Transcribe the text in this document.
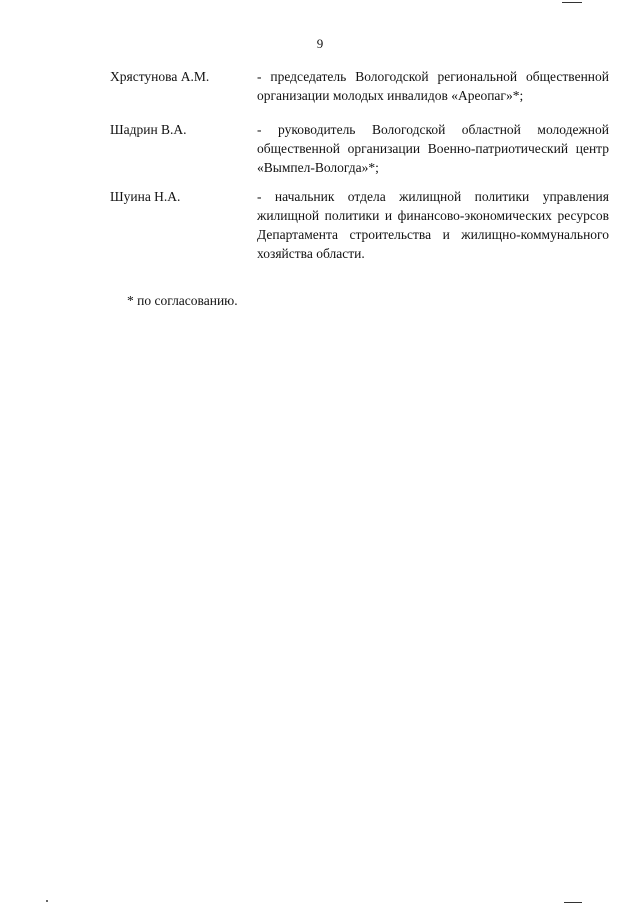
9
Хрястунова А.М.	- председатель Вологодской региональной общественной организации молодых инвалидов «Ареопаг»*;
Шадрин В.А.	- руководитель Вологодской областной молодежной общественной организации Военно-патриотический центр «Вымпел-Вологда»*;
Шуина Н.А.	- начальник отдела жилищной политики управления жилищной политики и финансово-экономических ресурсов Департамента строительства и жилищно-коммунального хозяйства области.
* по согласованию.
